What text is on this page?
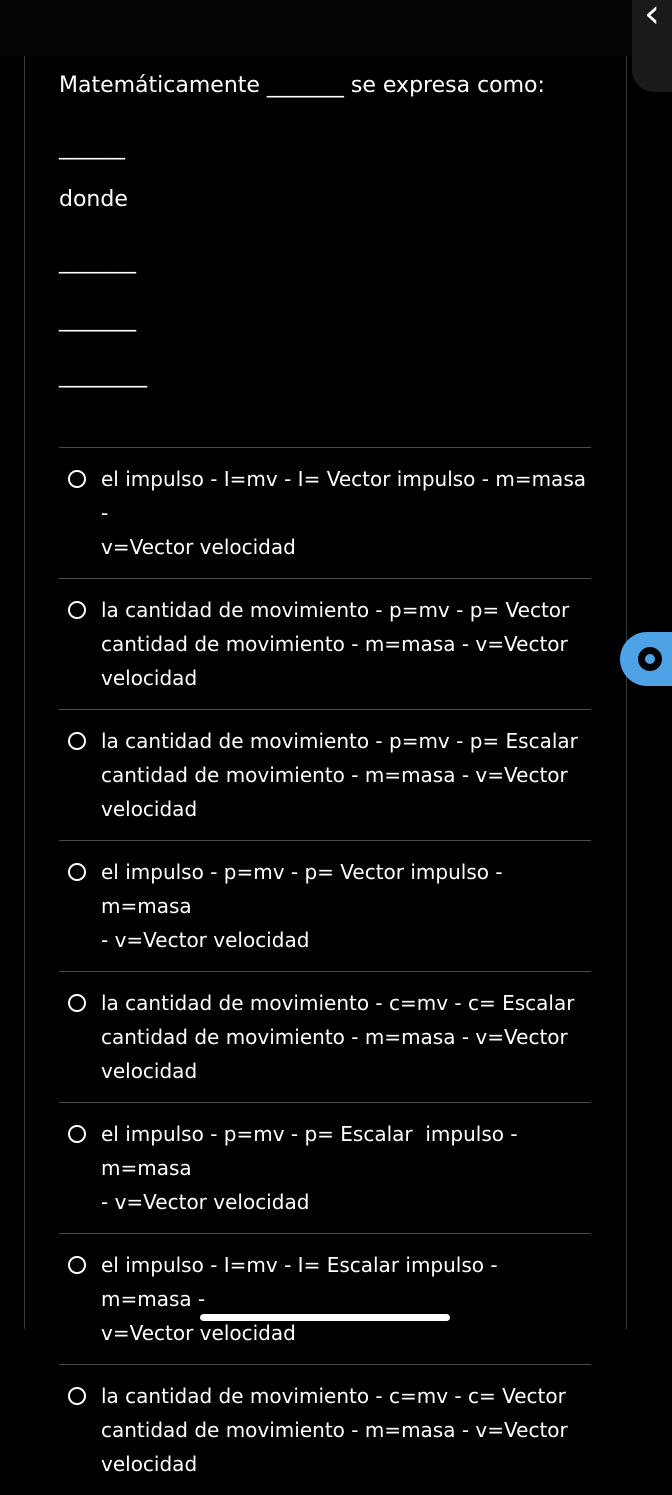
‹
Matemáticamente _______ se expresa como:
______
donde
_______
_______
________
el impulso - I=mv - I= Vector impulso - m=masa -
v=Vector velocidad
la cantidad de movimiento - p=mv - p= Vector
cantidad de movimiento - m=masa - v=Vector
velocidad
la cantidad de movimiento - p=mv - p= Escalar
cantidad de movimiento - m=masa - v=Vector
velocidad
el impulso - p=mv - p= Vector impulso - m=masa
- v=Vector velocidad
la cantidad de movimiento - c=mv - c= Escalar
cantidad de movimiento - m=masa - v=Vector
velocidad
el impulso - p=mv - p= Escalar  impulso - m=masa
- v=Vector velocidad
el impulso - I=mv - I= Escalar impulso - m=masa -
v=Vector velocidad
la cantidad de movimiento - c=mv - c= Vector
cantidad de movimiento - m=masa - v=Vector
velocidad
